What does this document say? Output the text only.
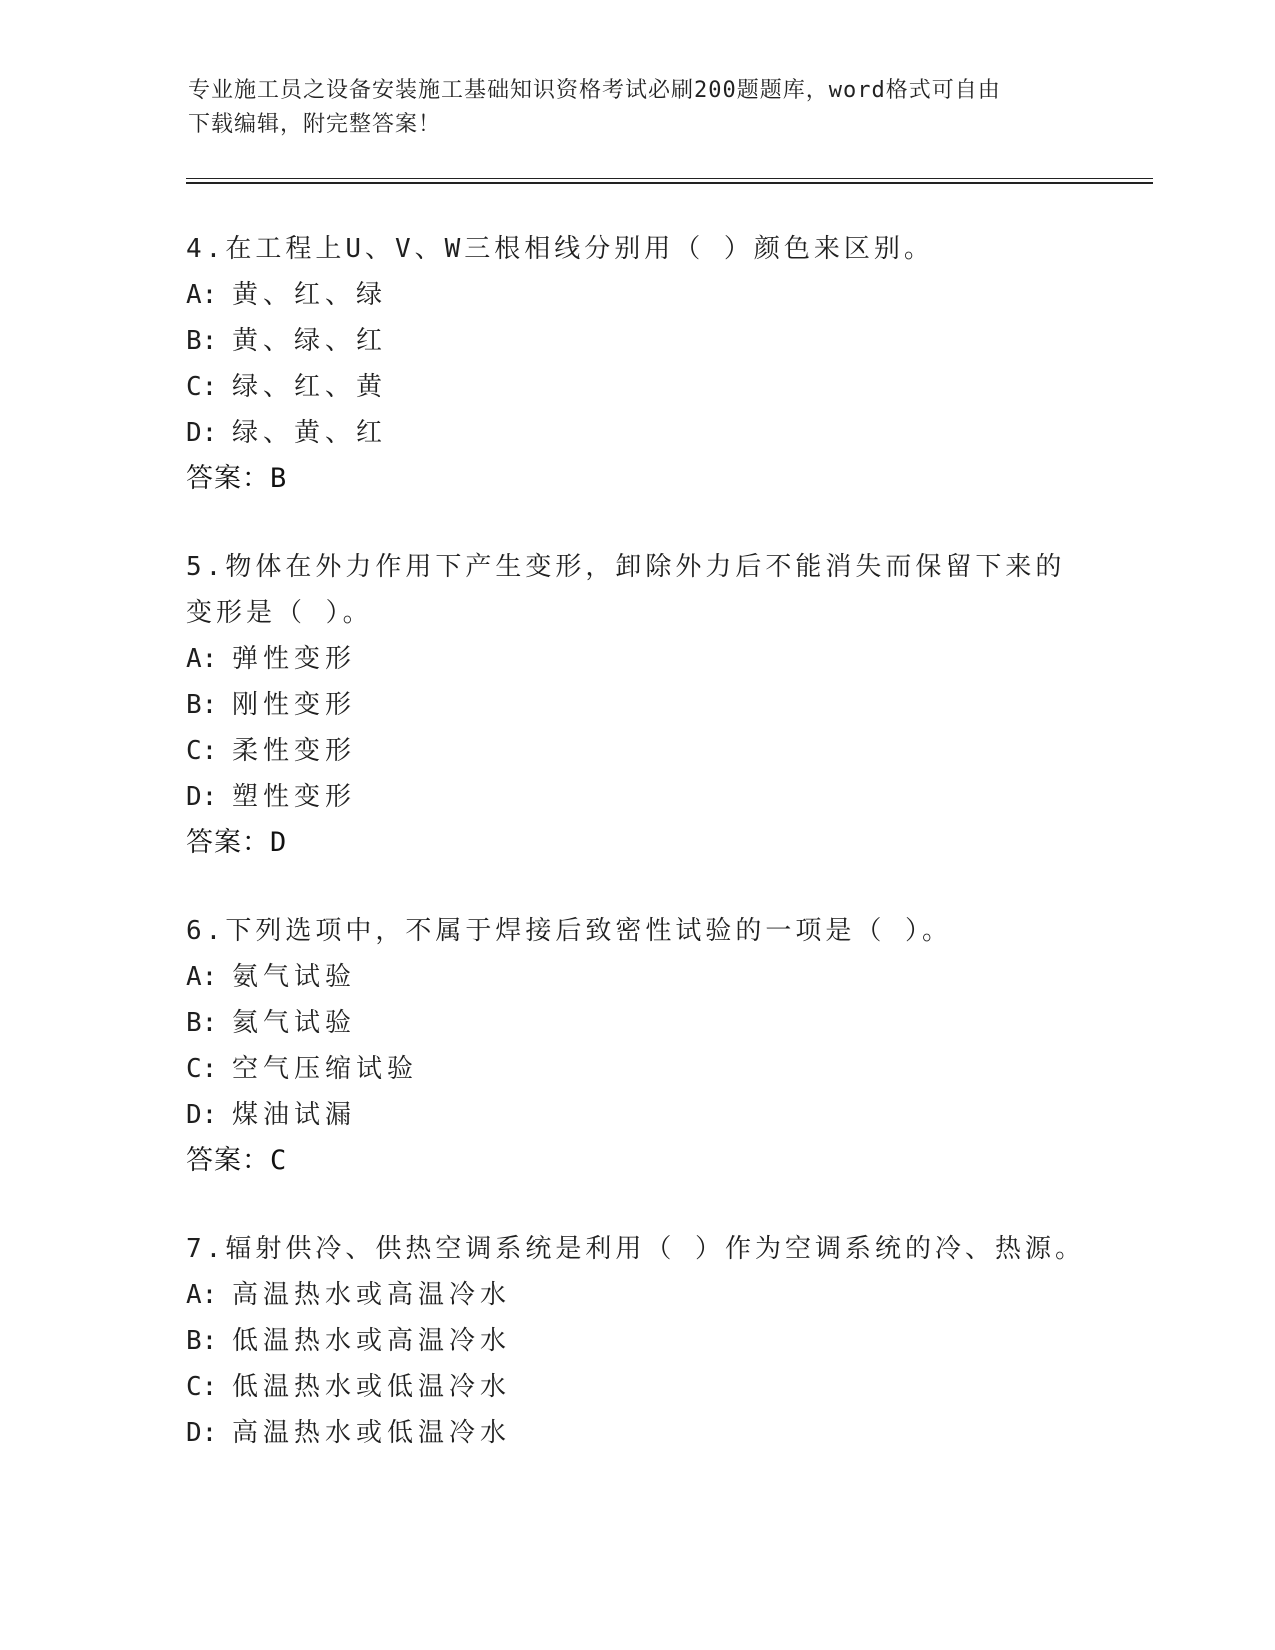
专业施工员之设备安装施工基础知识资格考试必刷200题题库，word格式可自由
下载编辑，附完整答案！
4.在工程上U、V、W三根相线分别用（ ）颜色来区别。
A: 黄、红、绿
B: 黄、绿、红
C: 绿、红、黄
D: 绿、黄、红
答案：B
5.物体在外力作用下产生变形，卸除外力后不能消失而保留下来的变形是（ ）。
A: 弹性变形
B: 刚性变形
C: 柔性变形
D: 塑性变形
答案：D
6.下列选项中，不属于焊接后致密性试验的一项是（ ）。
A: 氨气试验
B: 氦气试验
C: 空气压缩试验
D: 煤油试漏
答案：C
7.辐射供冷、供热空调系统是利用（ ）作为空调系统的冷、热源。
A: 高温热水或高温冷水
B: 低温热水或高温冷水
C: 低温热水或低温冷水
D: 高温热水或低温冷水
